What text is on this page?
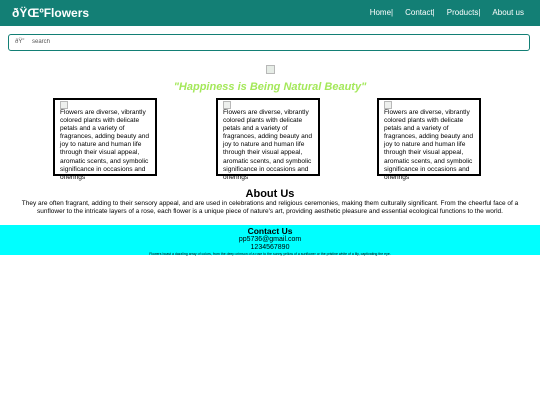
ðŸŒºFlowers	Home| Contact| Products| About us
ðŸ”
search
"Happiness is Being Natural Beauty"
Flowers are diverse, vibrantly colored plants with delicate petals and a variety of fragrances, adding beauty and joy to nature and human life through their visual appeal, aromatic scents, and symbolic significance in occasions and offerings
Flowers are diverse, vibrantly colored plants with delicate petals and a variety of fragrances, adding beauty and joy to nature and human life through their visual appeal, aromatic scents, and symbolic significance in occasions and offerings
Flowers are diverse, vibrantly colored plants with delicate petals and a variety of fragrances, adding beauty and joy to nature and human life through their visual appeal, aromatic scents, and symbolic significance in occasions and offerings
About Us
They are often fragrant, adding to their sensory appeal, and are used in celebrations and religious ceremonies, making them culturally significant. From the cheerful face of a sunflower to the intricate layers of a rose, each flower is a unique piece of nature's art, providing aesthetic pleasure and essential ecological functions to the world.
Contact Us
pp5736@gmail.com
1234567890
Flowers boast a dazzling array of colors, from the deep crimson of a rose to the sunny yellow of a sunflower or the pristine white of a lily, captivating the eye.
